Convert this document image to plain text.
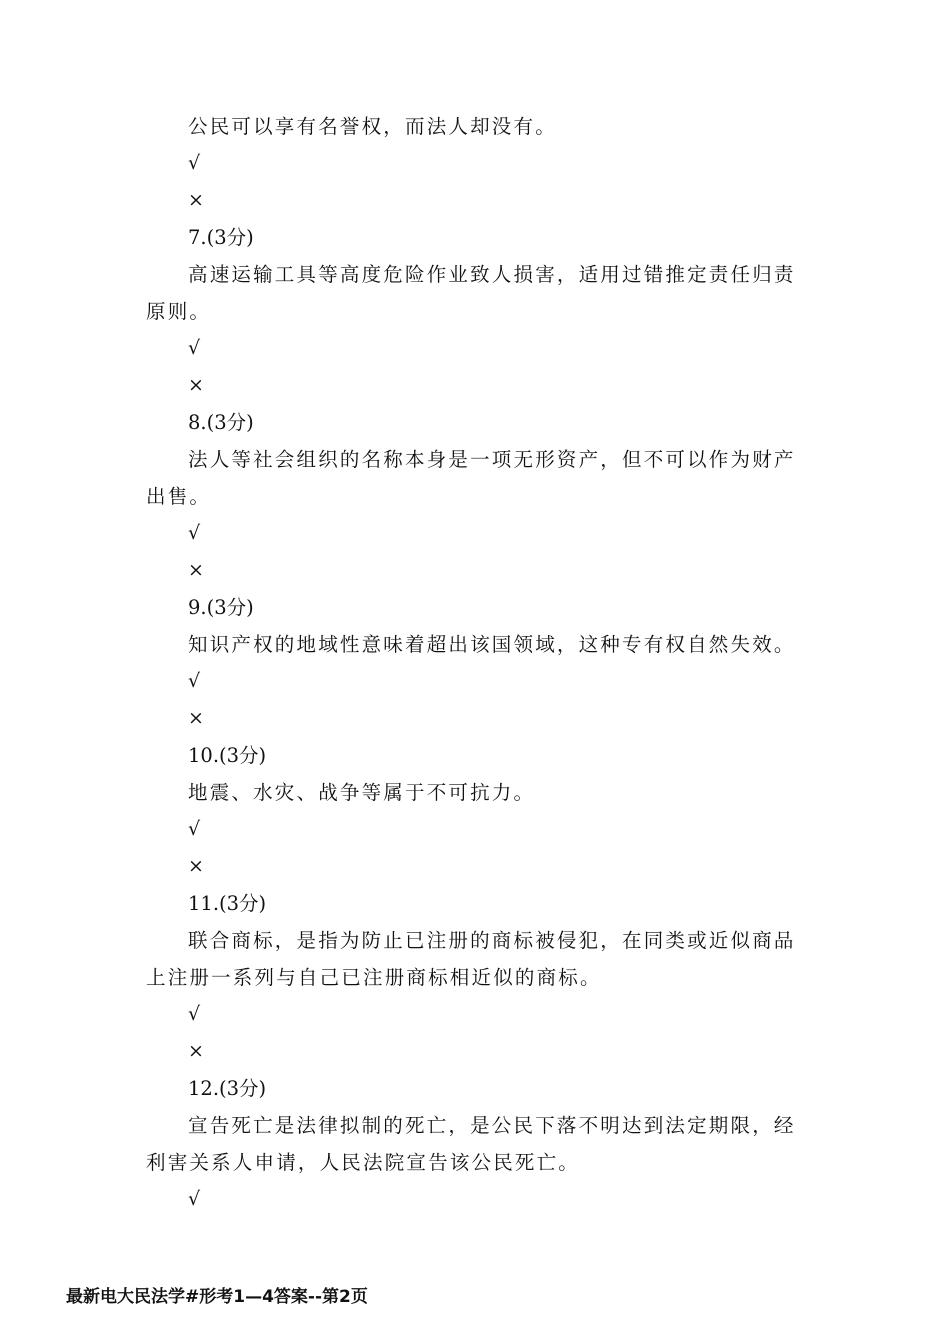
公民可以享有名誉权，而法人却没有。

√
×
7.(3分)

高速运输工具等高度危险作业致人损害，适用过错推定责任归责原则。

√
×
8.(3分)

法人等社会组织的名称本身是一项无形资产，但不可以作为财产出售。

√
×
9.(3分)

知识产权的地域性意味着超出该国领域，这种专有权自然失效。

√
×
10.(3分)

地震、水灾、战争等属于不可抗力。

√
×
11.(3分)

联合商标，是指为防止已注册的商标被侵犯，在同类或近似商品上注册一系列与自己已注册商标相近似的商标。

√
×
12.(3分)

宣告死亡是法律拟制的死亡，是公民下落不明达到法定期限，经利害关系人申请，人民法院宣告该公民死亡。

√
最新电大民法学#形考1—4答案--第2页
